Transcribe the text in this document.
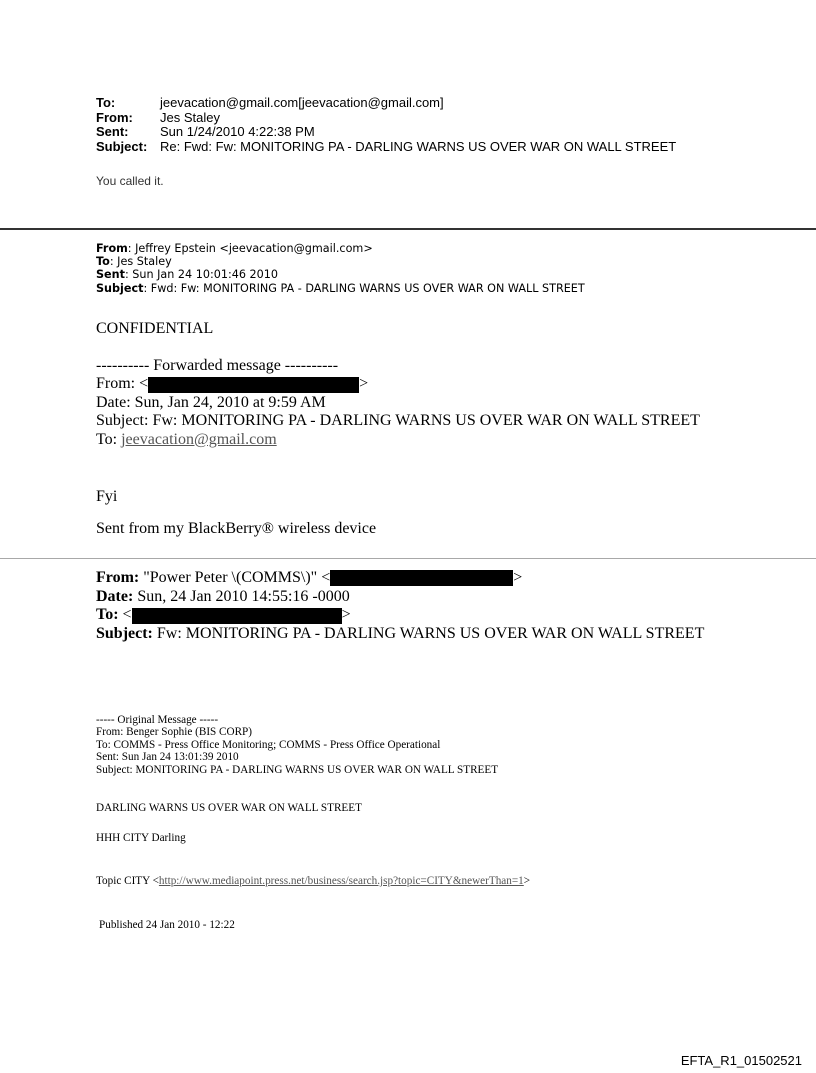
To:	jeevacation@gmail.com[jeevacation@gmail.com]
From:	Jes Staley
Sent:	Sun 1/24/2010 4:22:38 PM
Subject: Re: Fwd: Fw: MONITORING PA - DARLING WARNS US OVER WAR ON WALL STREET
You called it.
From: Jeffrey Epstein <jeevacation@gmail.com>
To: Jes Staley
Sent: Sun Jan 24 10:01:46 2010
Subject: Fwd: Fw: MONITORING PA - DARLING WARNS US OVER WAR ON WALL STREET
CONFIDENTIAL
---------- Forwarded message ----------
From: <	>
Date: Sun, Jan 24, 2010 at 9:59 AM
Subject: Fw: MONITORING PA - DARLING WARNS US OVER WAR ON WALL STREET
To: jeevacation@gmail.com
Fyi
Sent from my BlackBerry® wireless device
From: "Power Peter \(COMMS\)" <	>
Date: Sun, 24 Jan 2010 14:55:16 -0000
To: <	>
Subject: Fw: MONITORING PA - DARLING WARNS US OVER WAR ON WALL STREET
----- Original Message -----
From: Benger Sophie (BIS CORP)
To: COMMS - Press Office Monitoring; COMMS - Press Office Operational
Sent: Sun Jan 24 13:01:39 2010
Subject: MONITORING PA - DARLING WARNS US OVER WAR ON WALL STREET
DARLING WARNS US OVER WAR ON WALL STREET
HHH CITY Darling
Topic CITY <http://www.mediapoint.press.net/business/search.jsp?topic=CITY&newerThan=1>
Published 24 Jan 2010 - 12:22
EFTA_R1_01502521
